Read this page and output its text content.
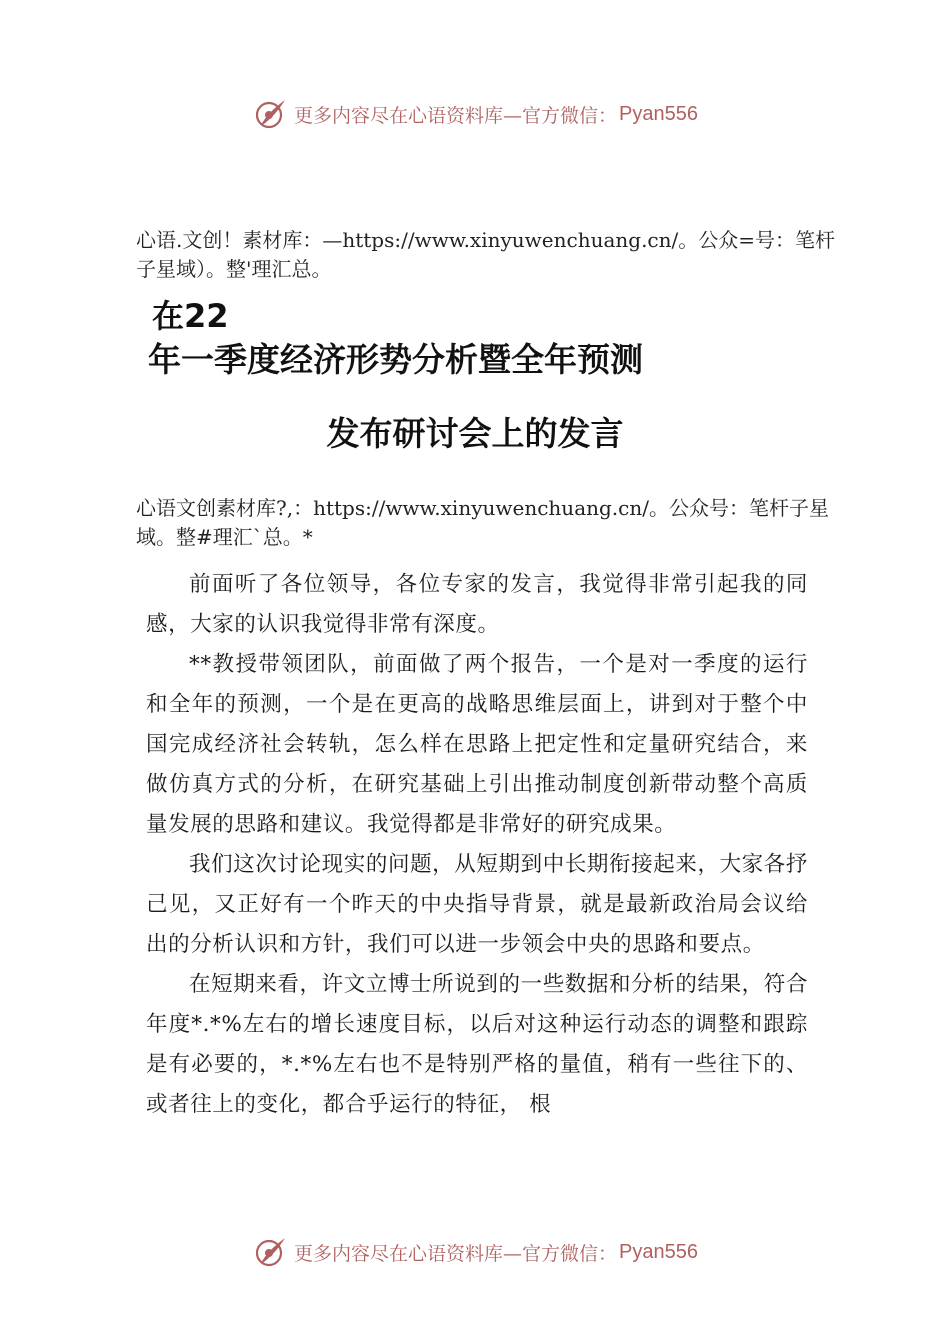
更多内容尽在心语资料库—官方微信： Pyan556

心语.文创！素材库：—https://www.xinyuwenchuang.cn/。公众=号：笔杆子星域）。整'理汇总。

在22
年一季度经济形势分析暨全年预测
发布研讨会上的发言

心语文创素材库?,：https://www.xinyuwenchuang.cn/。公众号：笔杆子星域。整#理汇`总。*

前面听了各位领导，各位专家的发言，我觉得非常引起我的同感，大家的认识我觉得非常有深度。

**教授带领团队，前面做了两个报告，一个是对一季度的运行和全年的预测，一个是在更高的战略思维层面上，讲到对于整个中国完成经济社会转轨，怎么样在思路上把定性和定量研究结合，来做仿真方式的分析，在研究基础上引出推动制度创新带动整个高质量发展的思路和建议。我觉得都是非常好的研究成果。

我们这次讨论现实的问题，从短期到中长期衔接起来，大家各抒己见，又正好有一个昨天的中央指导背景，就是最新政治局会议给出的分析认识和方针，我们可以进一步领会中央的思路和要点。

在短期来看，许文立博士所说到的一些数据和分析的结果，符合年度*.*%左右的增长速度目标，以后对这种运行动态的调整和跟踪是有必要的，*.*%左右也不是特别严格的量值，稍有一些往下的、或者往上的变化，都合乎运行的特征， 根

更多内容尽在心语资料库—官方微信： Pyan556
